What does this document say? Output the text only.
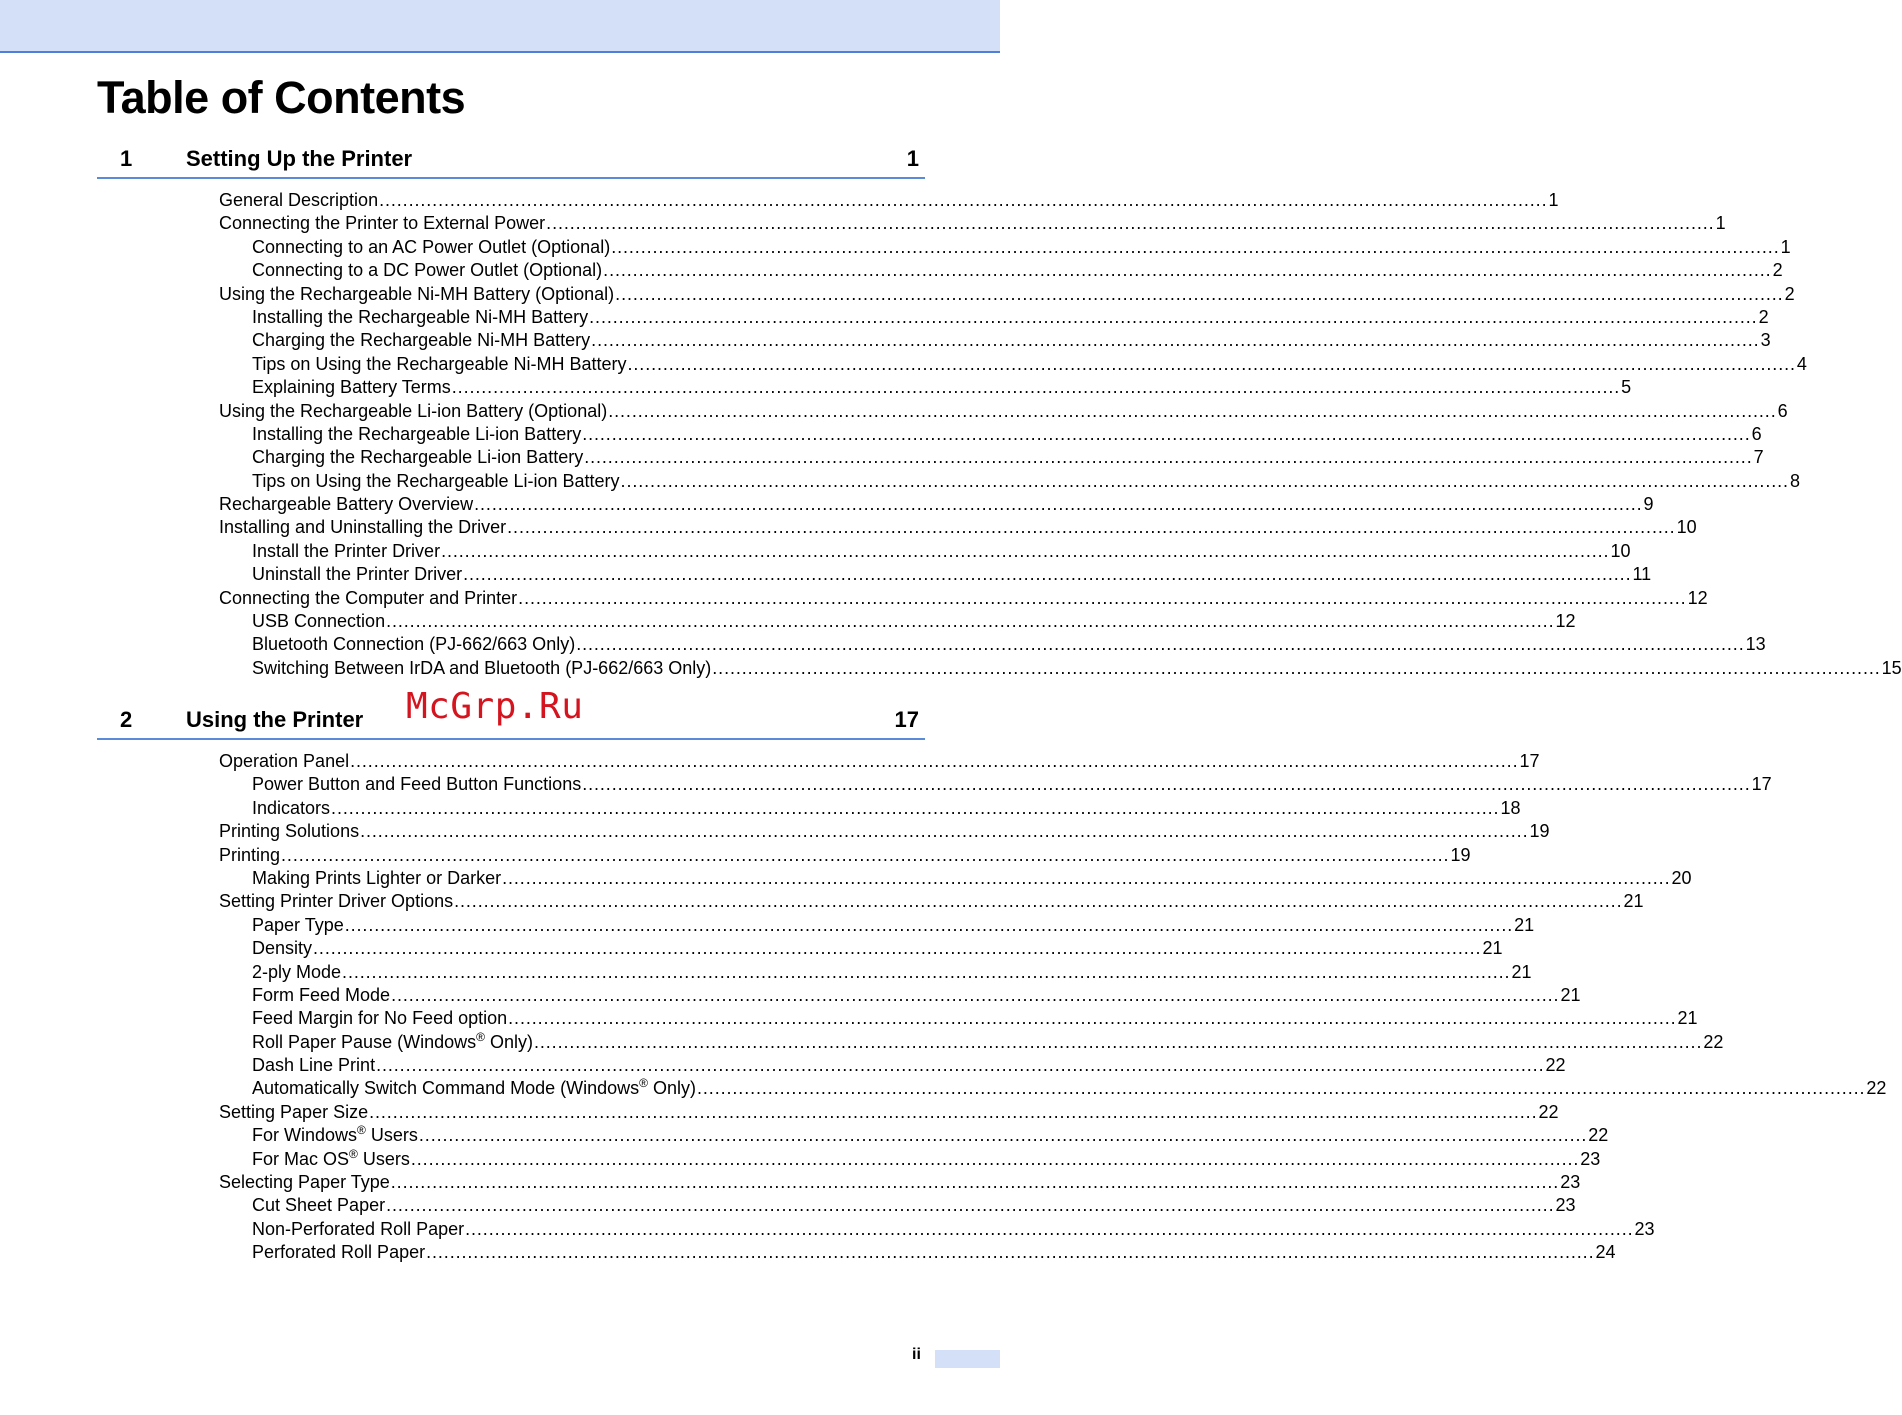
Table of Contents
1 Setting Up the Printer	1
General Description ...................................................................................................................................................................................................... 1
Connecting the Printer to External Power ...................................................................................................................................................................................................... 1
Connecting to an AC Power Outlet (Optional) ...................................................................................................................................................................................................... 1
Connecting to a DC Power Outlet (Optional) ...................................................................................................................................................................................................... 2
Using the Rechargeable Ni-MH Battery (Optional) ...................................................................................................................................................................................................... 2
Installing the Rechargeable Ni-MH Battery ...................................................................................................................................................................................................... 2
Charging the Rechargeable Ni-MH Battery ...................................................................................................................................................................................................... 3
Tips on Using the Rechargeable Ni-MH Battery ...................................................................................................................................................................................................... 4
Explaining Battery Terms ...................................................................................................................................................................................................... 5
Using the Rechargeable Li-ion Battery (Optional) ...................................................................................................................................................................................................... 6
Installing the Rechargeable Li-ion Battery ...................................................................................................................................................................................................... 6
Charging the Rechargeable Li-ion Battery ...................................................................................................................................................................................................... 7
Tips on Using the Rechargeable Li-ion Battery ...................................................................................................................................................................................................... 8
Rechargeable Battery Overview ...................................................................................................................................................................................................... 9
Installing and Uninstalling the Driver ...................................................................................................................................................................................................... 10
Install the Printer Driver ...................................................................................................................................................................................................... 10
Uninstall the Printer Driver ...................................................................................................................................................................................................... 11
Connecting the Computer and Printer ...................................................................................................................................................................................................... 12
USB Connection ...................................................................................................................................................................................................... 12
Bluetooth Connection (PJ-662/663 Only) ...................................................................................................................................................................................................... 13
Switching Between IrDA and Bluetooth (PJ-662/663 Only) ...................................................................................................................................................................................................... 15
2 Using the Printer	17
Operation Panel ...................................................................................................................................................................................................... 17
Power Button and Feed Button Functions ...................................................................................................................................................................................................... 17
Indicators ...................................................................................................................................................................................................... 18
Printing Solutions ...................................................................................................................................................................................................... 19
Printing ...................................................................................................................................................................................................... 19
Making Prints Lighter or Darker ...................................................................................................................................................................................................... 20
Setting Printer Driver Options ...................................................................................................................................................................................................... 21
Paper Type ...................................................................................................................................................................................................... 21
Density ...................................................................................................................................................................................................... 21
2-ply Mode ...................................................................................................................................................................................................... 21
Form Feed Mode ...................................................................................................................................................................................................... 21
Feed Margin for No Feed option ...................................................................................................................................................................................................... 21
Roll Paper Pause (Windows® Only) ...................................................................................................................................................................................................... 22
Dash Line Print ...................................................................................................................................................................................................... 22
Automatically Switch Command Mode (Windows® Only) ...................................................................................................................................................................................................... 22
Setting Paper Size ...................................................................................................................................................................................................... 22
For Windows® Users ...................................................................................................................................................................................................... 22
For Mac OS® Users ...................................................................................................................................................................................................... 23
Selecting Paper Type ...................................................................................................................................................................................................... 23
Cut Sheet Paper ...................................................................................................................................................................................................... 23
Non-Perforated Roll Paper ...................................................................................................................................................................................................... 23
Perforated Roll Paper ...................................................................................................................................................................................................... 24
McGrp.Ru
ii
